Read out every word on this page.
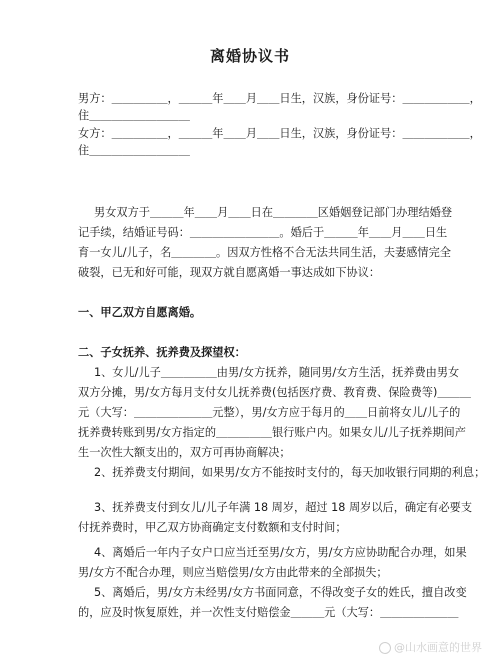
离婚协议书
男方：＿＿＿＿＿，＿＿＿年＿＿月＿＿日生，汉族，身份证号：＿＿＿＿＿＿，
住＿＿＿＿＿＿＿＿＿
女方：＿＿＿＿＿，＿＿＿年＿＿月＿＿日生，汉族，身份证号：＿＿＿＿＿＿，
住＿＿＿＿＿＿＿＿＿
男女双方于＿＿＿年＿＿月＿＿日在＿＿＿＿区婚姻登记部门办理结婚登
记手续，结婚证号码：＿＿＿＿＿＿＿＿。婚后于＿＿＿年＿＿月＿＿日生
育一女儿/儿子，名＿＿＿＿。因双方性格不合无法共同生活，夫妻感情完全
破裂，已无和好可能，现双方就自愿离婚一事达成如下协议：
一、甲乙双方自愿离婚。
二、子女抚养、抚养费及探望权：
1、女儿/儿子＿＿＿＿＿由男/女方抚养，随同男/女方生活，抚养费由男女
双方分摊，男/女方每月支付女儿抚养费(包括医疗费、教育费、保险费等)＿＿＿
元（大写：＿＿＿＿＿＿＿元整），男/女方应于每月的＿＿日前将女儿/儿子的
抚养费转账到男/女方指定的＿＿＿＿＿银行账户内。如果女儿/儿子抚养期间产
生一次性大额支出的，双方可再协商解决；
2、抚养费支付期间，如果男/女方不能按时支付的，每天加收银行同期的利息；
3、抚养费支付到女儿/儿子年满 18 周岁，超过 18 周岁以后，确定有必要支
付抚养费时，甲乙双方协商确定支付数额和支付时间；
4、离婚后一年内子女户口应当迁至男/女方，男/女方应协助配合办理，如果
男/女方不配合办理，则应当赔偿男/女方由此带来的全部损失；
5、离婚后，男/女方未经男/女方书面同意，不得改变子女的姓氏，擅自改变
的，应及时恢复原姓，并一次性支付赔偿金＿＿＿元（大写：＿＿＿＿＿＿＿
@山水画意的世界
